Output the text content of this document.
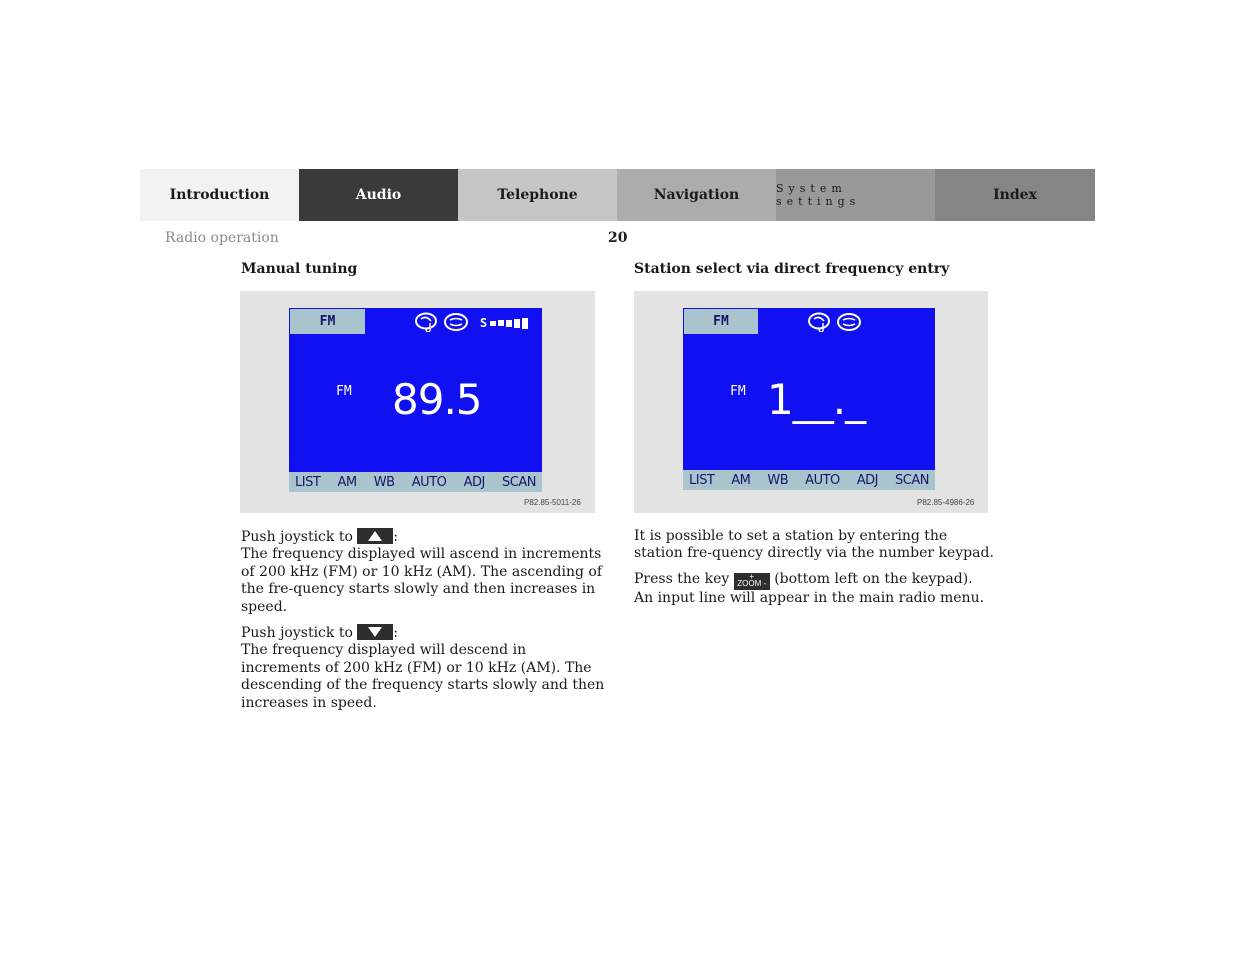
Introduction	Audio	Telephone	Navigation	System settings	Index
Radio operation	20
Manual tuning
FM	S
FM 89.5
LIST AM WB AUTO ADJ SCAN
P82.85-5011-26

Push joystick to	:
The frequency displayed will ascend in increments of 200 kHz (FM) or 10 kHz (AM). The ascending of the fre-quency starts slowly and then increases in speed.

Push joystick to	:
The frequency displayed will descend in increments of 200 kHz (FM) or 10 kHz (AM). The descending of the frequency starts slowly and then increases in speed.

Station select via direct frequency entry
FM
FM 1__._
LIST AM WB AUTO ADJ SCAN
P82.85-4986-26

It is possible to set a station by entering the station fre-quency directly via the number keypad.

Press the key	+
ZOOM - (bottom left on the keypad). An input line will appear in the main radio menu.
